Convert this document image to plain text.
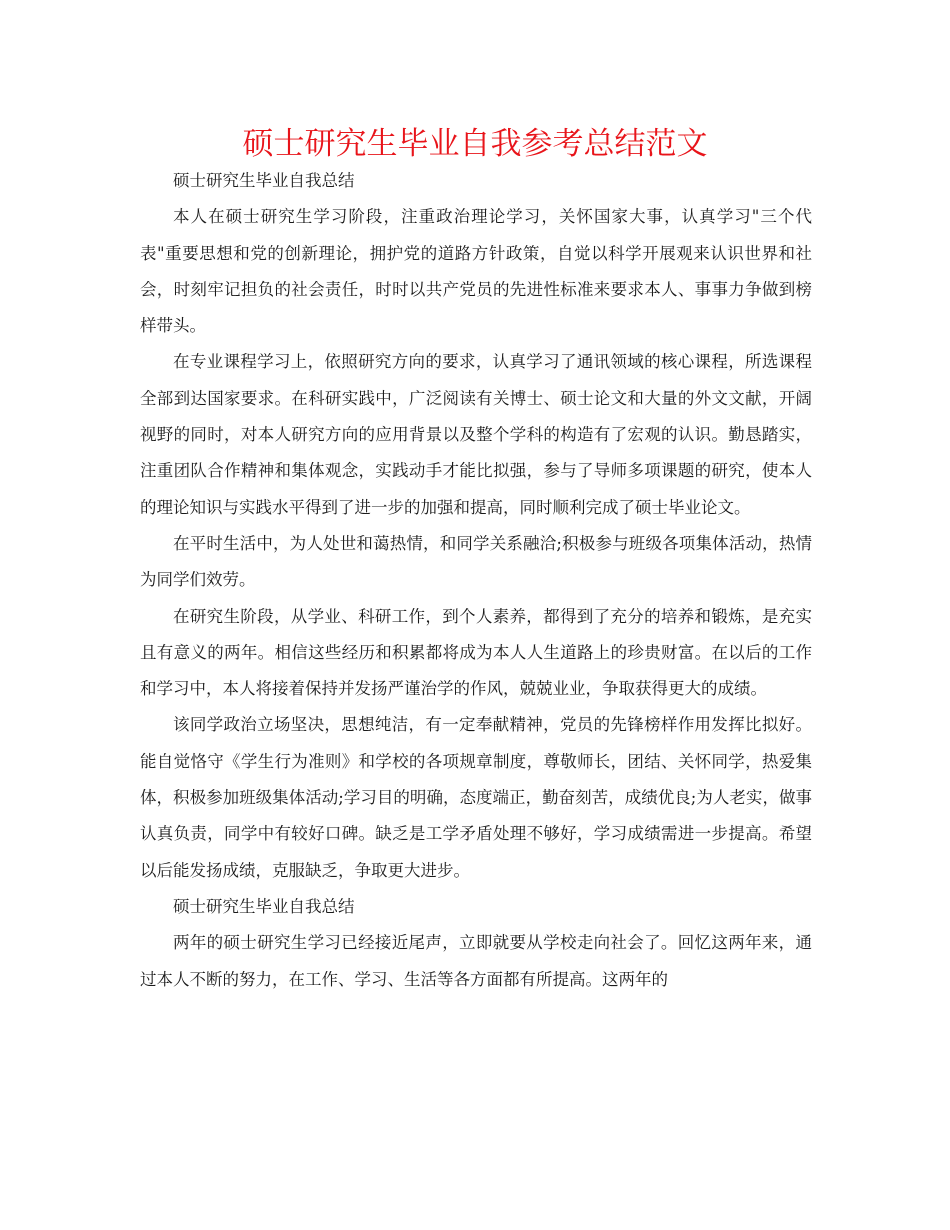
硕士研究生毕业自我参考总结范文

硕士研究生毕业自我总结

本人在硕士研究生学习阶段，注重政治理论学习，关怀国家大事，认真学习"三个代表"重要思想和党的创新理论，拥护党的道路方针政策，自觉以科学开展观来认识世界和社会，时刻牢记担负的社会责任，时时以共产党员的先进性标准来要求本人、事事力争做到榜样带头。

在专业课程学习上，依照研究方向的要求，认真学习了通讯领域的核心课程，所选课程全部到达国家要求。在科研实践中，广泛阅读有关博士、硕士论文和大量的外文文献，开阔视野的同时，对本人研究方向的应用背景以及整个学科的构造有了宏观的认识。勤恳踏实，注重团队合作精神和集体观念，实践动手才能比拟强，参与了导师多项课题的研究，使本人的理论知识与实践水平得到了进一步的加强和提高，同时顺利完成了硕士毕业论文。

在平时生活中，为人处世和蔼热情，和同学关系融洽;积极参与班级各项集体活动，热情为同学们效劳。

在研究生阶段，从学业、科研工作，到个人素养，都得到了充分的培养和锻炼，是充实且有意义的两年。相信这些经历和积累都将成为本人人生道路上的珍贵财富。在以后的工作和学习中，本人将接着保持并发扬严谨治学的作风，兢兢业业，争取获得更大的成绩。

该同学政治立场坚决，思想纯洁，有一定奉献精神，党员的先锋榜样作用发挥比拟好。能自觉恪守《学生行为准则》和学校的各项规章制度，尊敬师长，团结、关怀同学，热爱集体，积极参加班级集体活动;学习目的明确，态度端正，勤奋刻苦，成绩优良;为人老实，做事认真负责，同学中有较好口碑。缺乏是工学矛盾处理不够好，学习成绩需进一步提高。希望以后能发扬成绩，克服缺乏，争取更大进步。

硕士研究生毕业自我总结

两年的硕士研究生学习已经接近尾声，立即就要从学校走向社会了。回忆这两年来，通过本人不断的努力，在工作、学习、生活等各方面都有所提高。这两年的
